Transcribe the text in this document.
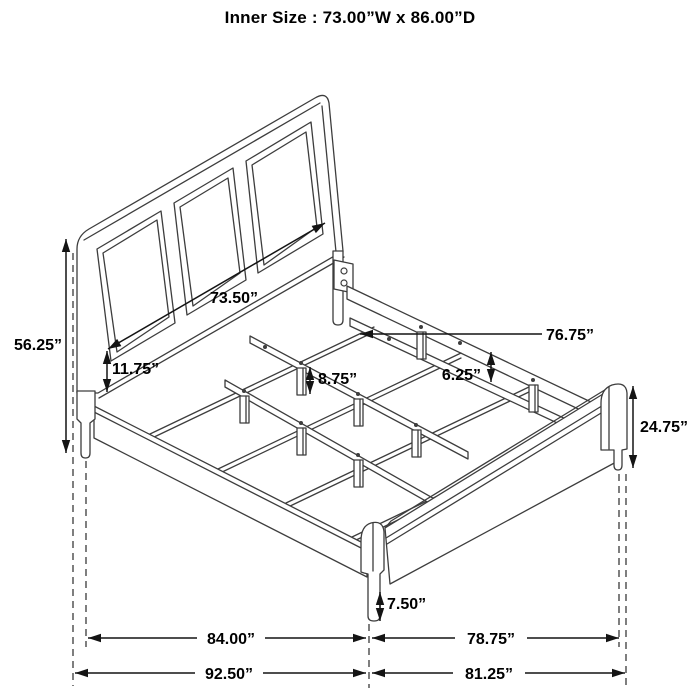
Inner Size : 73.00”W x 86.00”D
73.50”
56.25”
11.75”
8.75”	6.25”
76.75”
24.75”
7.50”
84.00”	78.75”
92.50”	81.25”
